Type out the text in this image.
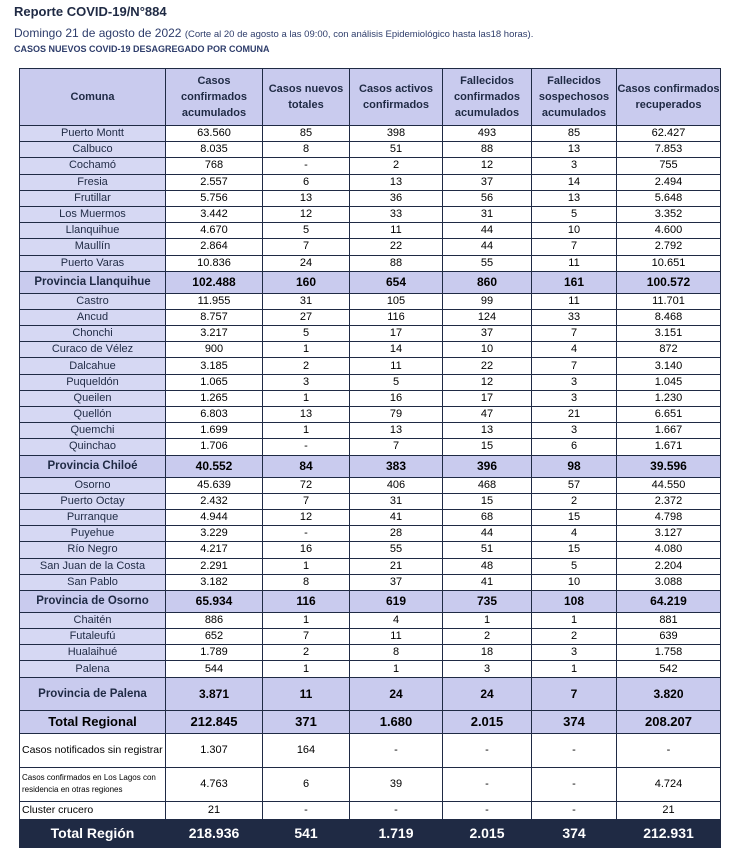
Reporte COVID-19/N°884
Domingo 21 de agosto de 2022 (Corte al 20 de agosto a las 09:00, con análisis Epidemiológico hasta las18 horas).
CASOS NUEVOS COVID-19 DESAGREGADO POR COMUNA
Comuna	Casos confirmados acumulados	Casos nuevos totales	Casos activos confirmados	Fallecidos confirmados acumulados	Fallecidos sospechosos acumulados	Casos confirmados recuperados
Puerto Montt	63.560	85	398	493	85	62.427
Calbuco	8.035	8	51	88	13	7.853
Cochamó	768	-	2	12	3	755
Fresia	2.557	6	13	37	14	2.494
Frutillar	5.756	13	36	56	13	5.648
Los Muermos	3.442	12	33	31	5	3.352
Llanquihue	4.670	5	11	44	10	4.600
Maullín	2.864	7	22	44	7	2.792
Puerto Varas	10.836	24	88	55	11	10.651
Provincia Llanquihue	102.488	160	654	860	161	100.572
Castro	11.955	31	105	99	11	11.701
Ancud	8.757	27	116	124	33	8.468
Chonchi	3.217	5	17	37	7	3.151
Curaco de Vélez	900	1	14	10	4	872
Dalcahue	3.185	2	11	22	7	3.140
Puqueldón	1.065	3	5	12	3	1.045
Queilen	1.265	1	16	17	3	1.230
Quellón	6.803	13	79	47	21	6.651
Quemchi	1.699	1	13	13	3	1.667
Quinchao	1.706	-	7	15	6	1.671
Provincia Chiloé	40.552	84	383	396	98	39.596
Osorno	45.639	72	406	468	57	44.550
Puerto Octay	2.432	7	31	15	2	2.372
Purranque	4.944	12	41	68	15	4.798
Puyehue	3.229	-	28	44	4	3.127
Río Negro	4.217	16	55	51	15	4.080
San Juan de la Costa	2.291	1	21	48	5	2.204
San Pablo	3.182	8	37	41	10	3.088
Provincia de Osorno	65.934	116	619	735	108	64.219
Chaitén	886	1	4	1	1	881
Futaleufú	652	7	11	2	2	639
Hualaihué	1.789	2	8	18	3	1.758
Palena	544	1	1	3	1	542
Provincia de Palena	3.871	11	24	24	7	3.820
Total Regional	212.845	371	1.680	2.015	374	208.207
Casos notificados sin registrar	1.307	164	-	-	-	-
Casos confirmados en Los Lagos con residencia en otras regiones	4.763	6	39	-	-	4.724
Cluster crucero	21	-	-	-	-	21
Total Región	218.936	541	1.719	2.015	374	212.931
